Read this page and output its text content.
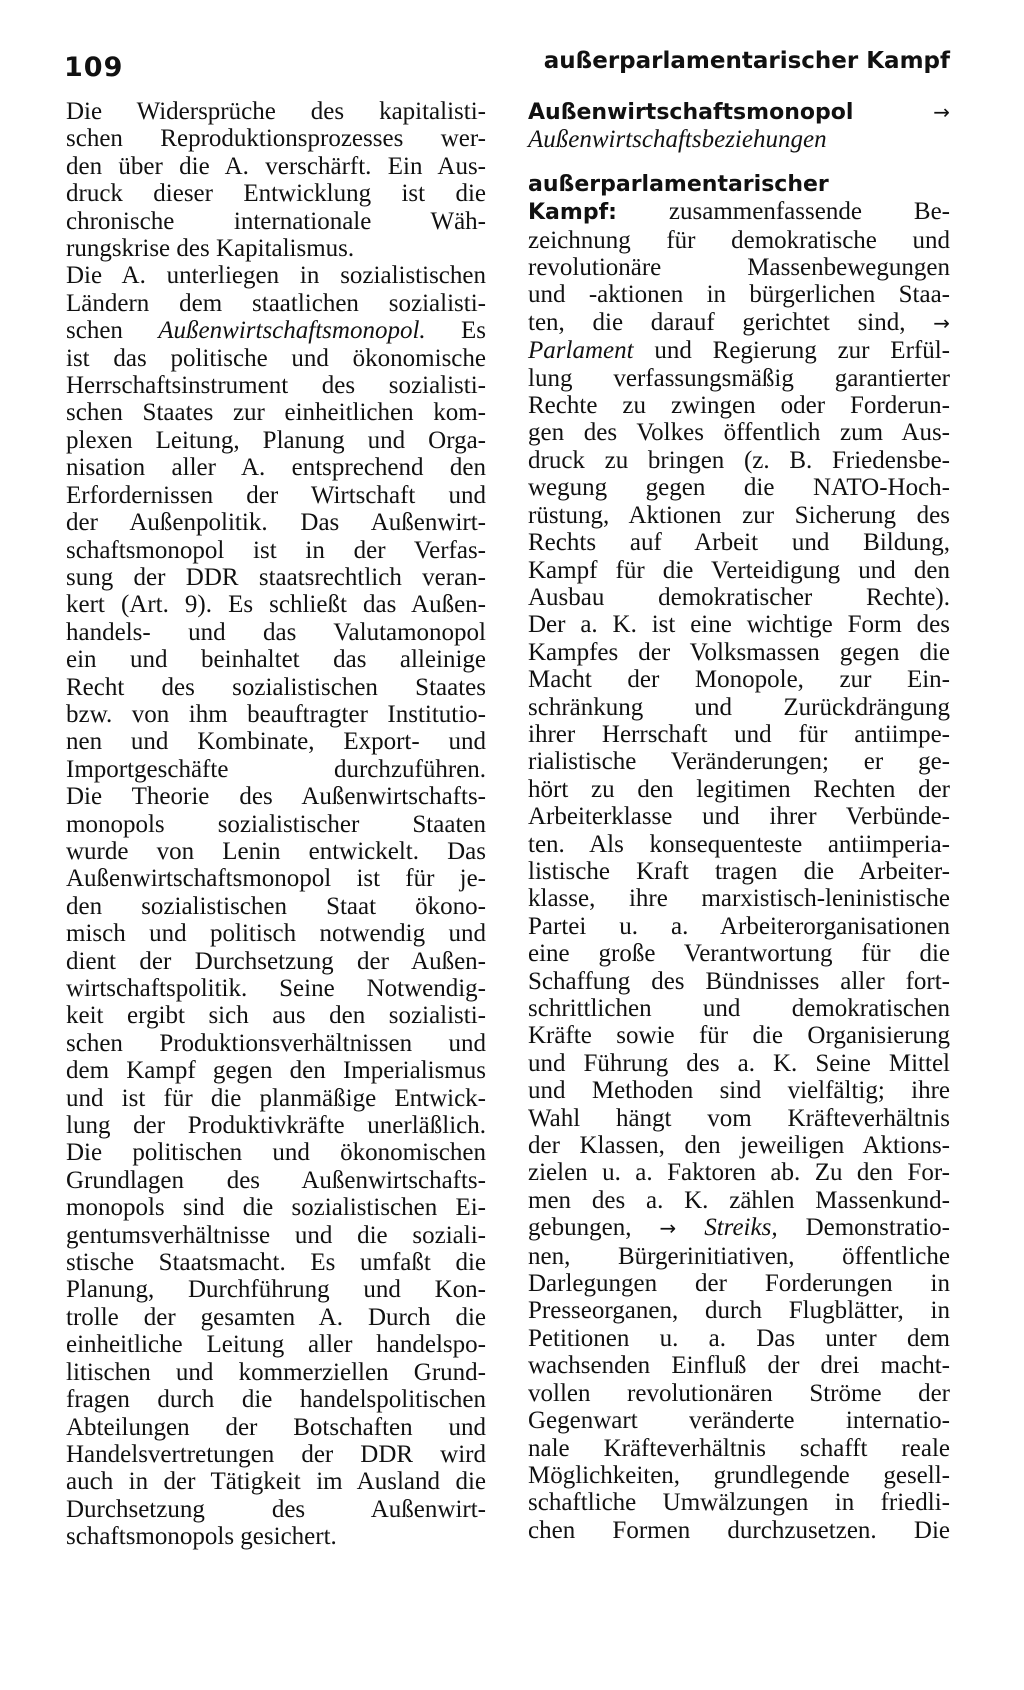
109	außerparlamentarischer Kampf
Die Widersprüche des kapitalisti-
schen Reproduktionsprozesses wer-
den über die A. verschärft. Ein Aus-
druck dieser Entwicklung ist die
chronische internationale Wäh-
rungskrise des Kapitalismus.
Die A. unterliegen in sozialistischen
Ländern dem staatlichen sozialisti-
schen Außenwirtschaftsmonopol. Es
ist das politische und ökonomische
Herrschaftsinstrument des sozialisti-
schen Staates zur einheitlichen kom-
plexen Leitung, Planung und Orga-
nisation aller A. entsprechend den
Erfordernissen der Wirtschaft und
der Außenpolitik. Das Außenwirt-
schaftsmonopol ist in der Verfas-
sung der DDR staatsrechtlich veran-
kert (Art. 9). Es schließt das Außen-
handels- und das Valutamonopol
ein und beinhaltet das alleinige
Recht des sozialistischen Staates
bzw. von ihm beauftragter Institutio-
nen und Kombinate, Export- und
Importgeschäfte durchzuführen.
Die Theorie des Außenwirtschafts-
monopols sozialistischer Staaten
wurde von Lenin entwickelt. Das
Außenwirtschaftsmonopol ist für je-
den sozialistischen Staat ökono-
misch und politisch notwendig und
dient der Durchsetzung der Außen-
wirtschaftspolitik. Seine Notwendig-
keit ergibt sich aus den sozialisti-
schen Produktionsverhältnissen und
dem Kampf gegen den Imperialismus
und ist für die planmäßige Entwick-
lung der Produktivkräfte unerläßlich.
Die politischen und ökonomischen
Grundlagen des Außenwirtschafts-
monopols sind die sozialistischen Ei-
gentumsverhältnisse und die soziali-
stische Staatsmacht. Es umfaßt die
Planung, Durchführung und Kon-
trolle der gesamten A. Durch die
einheitliche Leitung aller handelspo-
litischen und kommerziellen Grund-
fragen durch die handelspolitischen
Abteilungen der Botschaften und
Handelsvertretungen der DDR wird
auch in der Tätigkeit im Ausland die
Durchsetzung des Außenwirt-
schaftsmonopols gesichert.
Außenwirtschaftsmonopol	→
Außenwirtschaftsbeziehungen
außerparlamentarischer
Kampf: zusammenfassende Be-
zeichnung für demokratische und
revolutionäre Massenbewegungen
und -aktionen in bürgerlichen Staa-
ten, die darauf gerichtet sind, →
Parlament und Regierung zur Erfül-
lung verfassungsmäßig garantierter
Rechte zu zwingen oder Forderun-
gen des Volkes öffentlich zum Aus-
druck zu bringen (z. B. Friedensbe-
wegung gegen die NATO-Hoch-
rüstung, Aktionen zur Sicherung des
Rechts auf Arbeit und Bildung,
Kampf für die Verteidigung und den
Ausbau demokratischer Rechte).
Der a. K. ist eine wichtige Form des
Kampfes der Volksmassen gegen die
Macht der Monopole, zur Ein-
schränkung und Zurückdrängung
ihrer Herrschaft und für antiimpe-
rialistische Veränderungen; er ge-
hört zu den legitimen Rechten der
Arbeiterklasse und ihrer Verbünde-
ten. Als konsequenteste antiimperia-
listische Kraft tragen die Arbeiter-
klasse, ihre marxistisch-leninistische
Partei u. a. Arbeiterorganisationen
eine große Verantwortung für die
Schaffung des Bündnisses aller fort-
schrittlichen und demokratischen
Kräfte sowie für die Organisierung
und Führung des a. K. Seine Mittel
und Methoden sind vielfältig; ihre
Wahl hängt vom Kräfteverhältnis
der Klassen, den jeweiligen Aktions-
zielen u. a. Faktoren ab. Zu den For-
men des a. K. zählen Massenkund-
gebungen, → Streiks, Demonstratio-
nen, Bürgerinitiativen, öffentliche
Darlegungen der Forderungen in
Presseorganen, durch Flugblätter, in
Petitionen u. a. Das unter dem
wachsenden Einfluß der drei macht-
vollen revolutionären Ströme der
Gegenwart veränderte internatio-
nale Kräfteverhältnis schafft reale
Möglichkeiten, grundlegende gesell-
schaftliche Umwälzungen in friedli-
chen Formen durchzusetzen. Die
